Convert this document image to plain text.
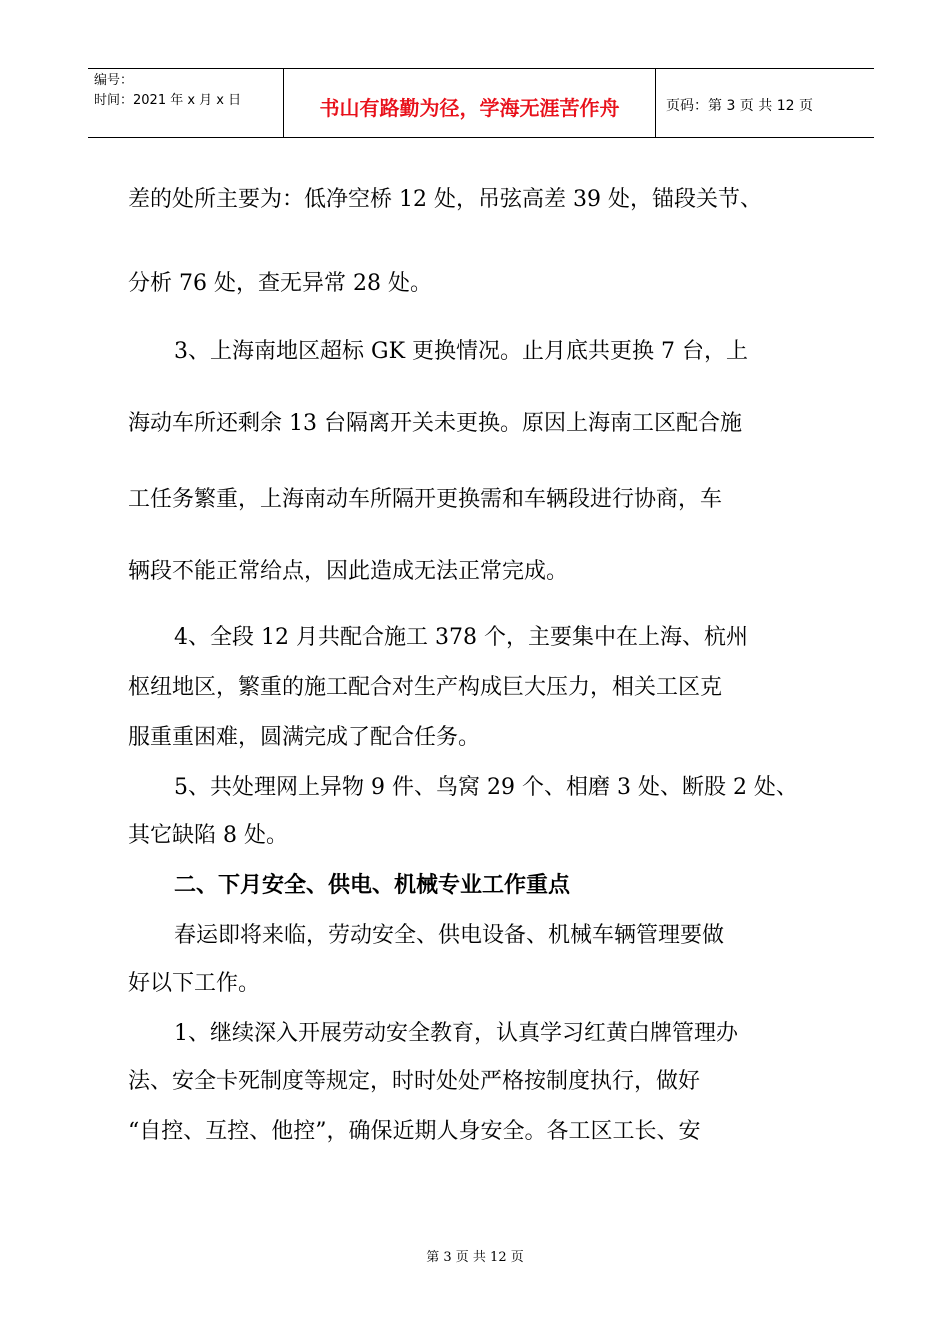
编号：
时间：2021 年 x 月 x 日	书山有路勤为径，学海无涯苦作舟	页码：第 3 页 共 12 页

差的处所主要为：低净空桥 12 处，吊弦高差 39 处，锚段关节、

分析 76 处，查无异常 28 处。

3、上海南地区超标 GK 更换情况。止月底共更换 7 台，上

海动车所还剩余 13 台隔离开关未更换。原因上海南工区配合施

工任务繁重，上海南动车所隔开更换需和车辆段进行协商，车

辆段不能正常给点，因此造成无法正常完成。

4、全段 12 月共配合施工 378 个，主要集中在上海、杭州

枢纽地区，繁重的施工配合对生产构成巨大压力，相关工区克

服重重困难，圆满完成了配合任务。

5、共处理网上异物 9 件、鸟窝 29 个、相磨 3 处、断股 2 处、

其它缺陷 8 处。

二、下月安全、供电、机械专业工作重点

春运即将来临，劳动安全、供电设备、机械车辆管理要做

好以下工作。

1、继续深入开展劳动安全教育，认真学习红黄白牌管理办

法、安全卡死制度等规定，时时处处严格按制度执行，做好

“自控、互控、他控”，确保近期人身安全。各工区工长、安

第 3 页 共 12 页
